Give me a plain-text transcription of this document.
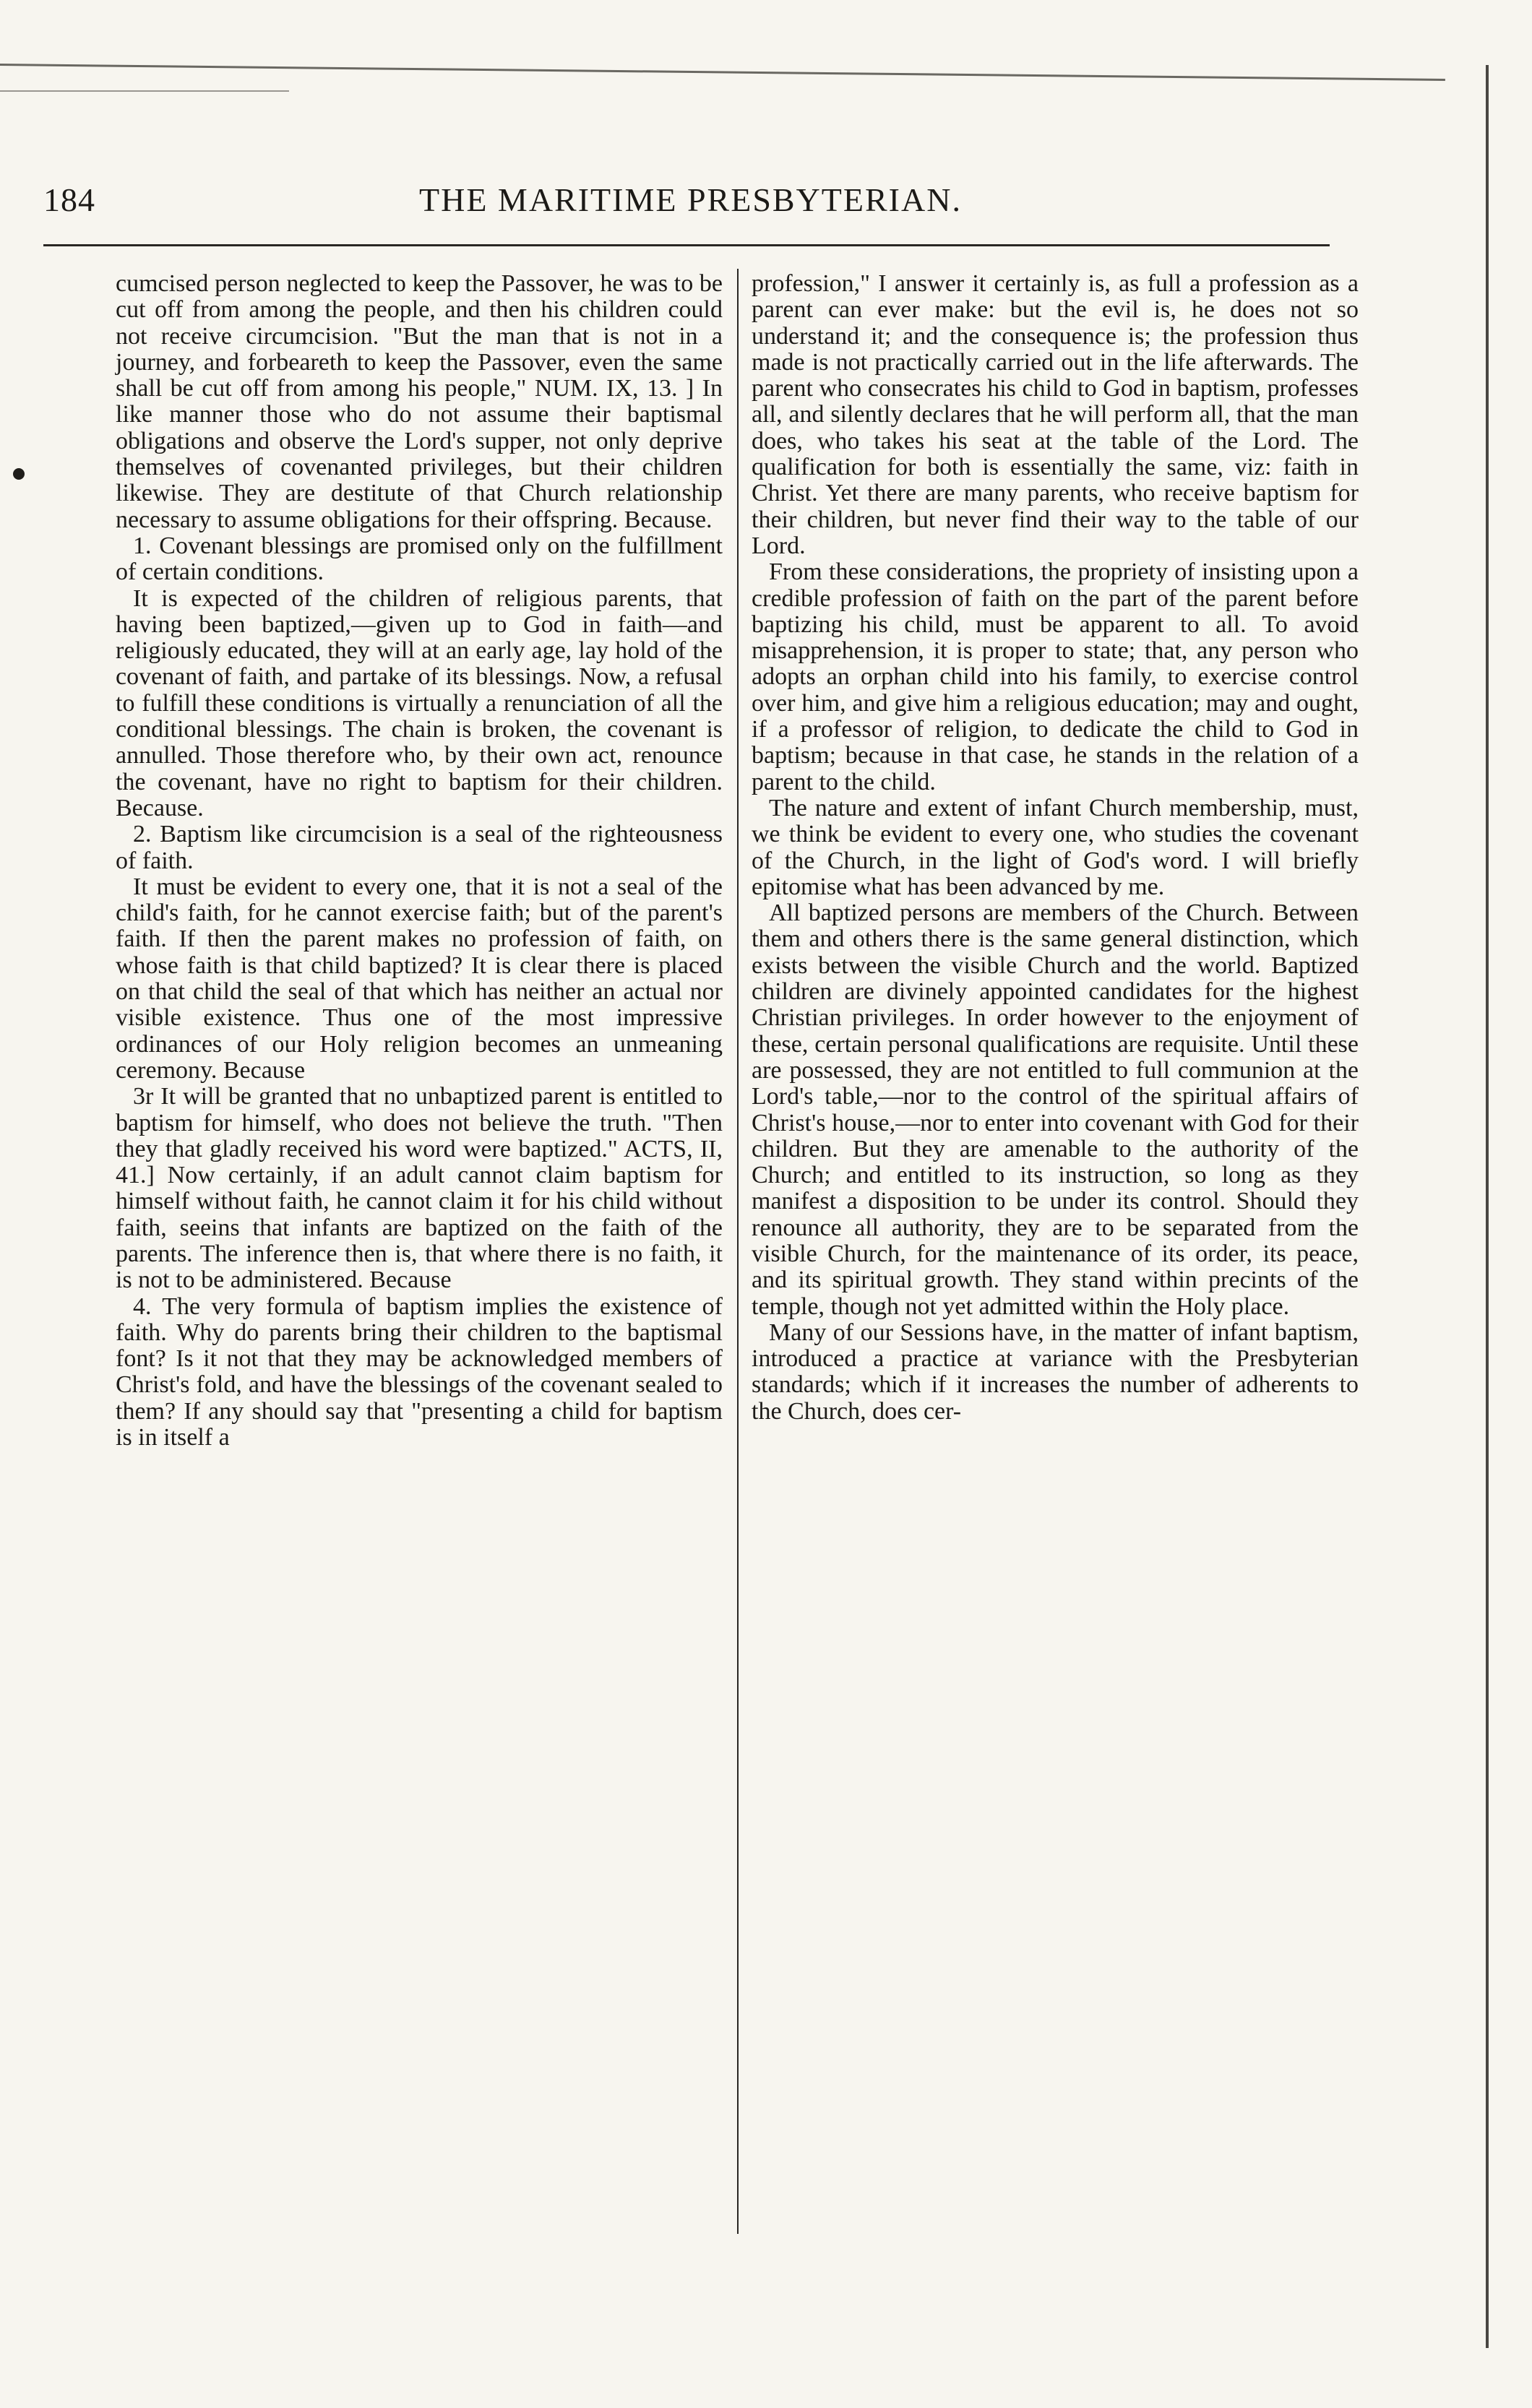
184	THE MARITIME PRESBYTERIAN.

cumcised person neglected to keep the Passover, he was to be cut off from among the people, and then his children could not receive circumcision. "But the man that is not in a journey, and forbeareth to keep the Passover, even the same shall be cut off from among his people," NUM. IX, 13. ] In like manner those who do not assume their baptismal obligations and observe the Lord's supper, not only deprive themselves of covenanted privileges, but their children likewise. They are destitute of that Church relationship necessary to assume obligations for their offspring. Because.

1. Covenant blessings are promised only on the fulfillment of certain conditions.

It is expected of the children of religious parents, that having been baptized,—given up to God in faith—and religiously educated, they will at an early age, lay hold of the covenant of faith, and partake of its blessings. Now, a refusal to fulfill these conditions is virtually a renunciation of all the conditional blessings. The chain is broken, the covenant is annulled. Those therefore who, by their own act, renounce the covenant, have no right to baptism for their children. Because.

2. Baptism like circumcision is a seal of the righteousness of faith.

It must be evident to every one, that it is not a seal of the child's faith, for he cannot exercise faith; but of the parent's faith. If then the parent makes no profession of faith, on whose faith is that child baptized? It is clear there is placed on that child the seal of that which has neither an actual nor visible existence. Thus one of the most impressive ordinances of our Holy religion becomes an unmeaning ceremony. Because

3r It will be granted that no unbaptized parent is entitled to baptism for himself, who does not believe the truth. "Then they that gladly received his word were baptized." ACTS, II, 41.] Now certainly, if an adult cannot claim baptism for himself without faith, he cannot claim it for his child without faith, seeins that infants are baptized on the faith of the parents. The inference then is, that where there is no faith, it is not to be administered. Because

4. The very formula of baptism implies the existence of faith. Why do parents bring their children to the baptismal font? Is it not that they may be acknowledged members of Christ's fold, and have the blessings of the covenant sealed to them? If any should say that "presenting a child for baptism is in itself a

profession," I answer it certainly is, as full a profession as a parent can ever make: but the evil is, he does not so understand it; and the consequence is; the profession thus made is not practically carried out in the life afterwards. The parent who consecrates his child to God in baptism, professes all, and silently declares that he will perform all, that the man does, who takes his seat at the table of the Lord. The qualification for both is essentially the same, viz: faith in Christ. Yet there are many parents, who receive baptism for their children, but never find their way to the table of our Lord.

From these considerations, the propriety of insisting upon a credible profession of faith on the part of the parent before baptizing his child, must be apparent to all. To avoid misapprehension, it is proper to state; that, any person who adopts an orphan child into his family, to exercise control over him, and give him a religious education; may and ought, if a professor of religion, to dedicate the child to God in baptism; because in that case, he stands in the relation of a parent to the child.

The nature and extent of infant Church membership, must, we think be evident to every one, who studies the covenant of the Church, in the light of God's word. I will briefly epitomise what has been advanced by me.

All baptized persons are members of the Church. Between them and others there is the same general distinction, which exists between the visible Church and the world. Baptized children are divinely appointed candidates for the highest Christian privileges. In order however to the enjoyment of these, certain personal qualifications are requisite. Until these are possessed, they are not entitled to full communion at the Lord's table,—nor to the control of the spiritual affairs of Christ's house,—nor to enter into covenant with God for their children. But they are amenable to the authority of the Church; and entitled to its instruction, so long as they manifest a disposition to be under its control. Should they renounce all authority, they are to be separated from the visible Church, for the maintenance of its order, its peace, and its spiritual growth. They stand within precints of the temple, though not yet admitted within the Holy place.

Many of our Sessions have, in the matter of infant baptism, introduced a practice at variance with the Presbyterian standards; which if it increases the number of adherents to the Church, does cer-
